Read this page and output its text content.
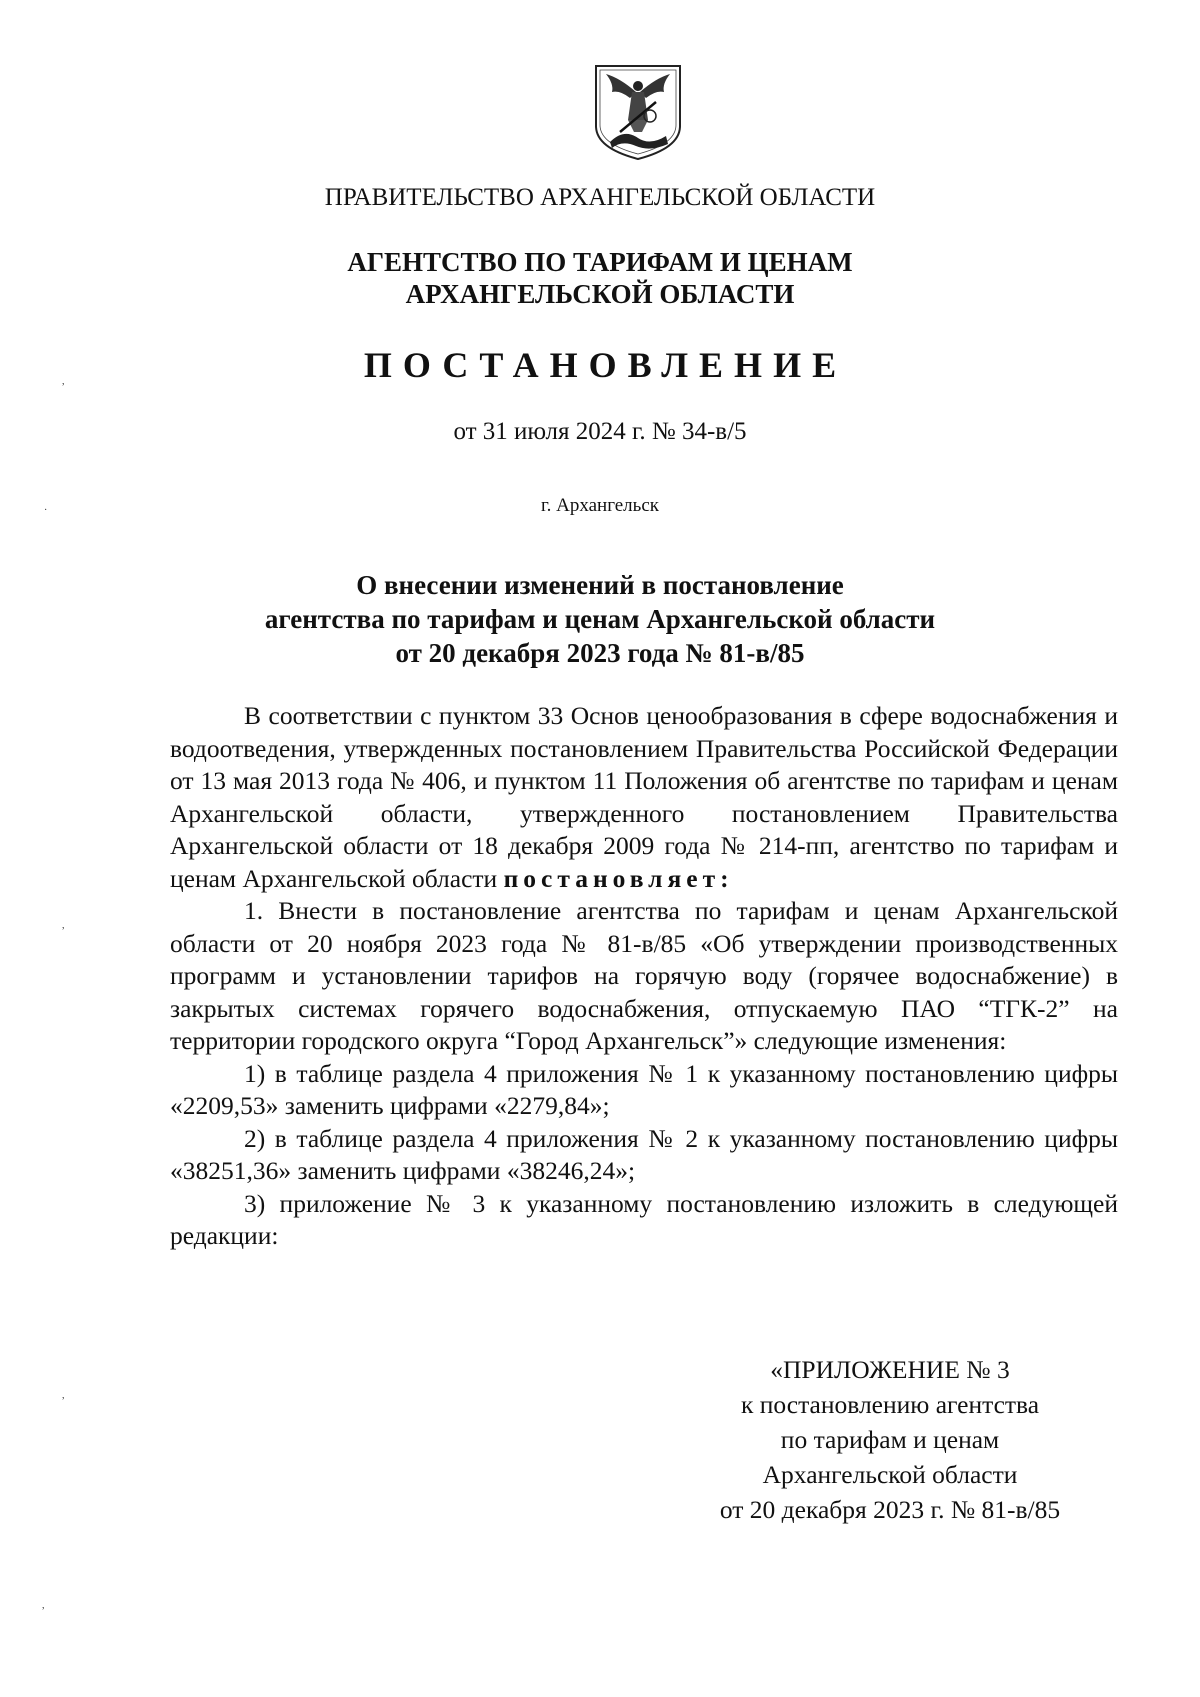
ПРАВИТЕЛЬСТВО АРХАНГЕЛЬСКОЙ ОБЛАСТИ
АГЕНТСТВО ПО ТАРИФАМ И ЦЕНАМ
АРХАНГЕЛЬСКОЙ ОБЛАСТИ
ПОСТАНОВЛЕНИЕ
от 31 июля 2024 г. № 34-в/5
г. Архангельск
О внесении изменений в постановление
агентства по тарифам и ценам Архангельской области
от 20 декабря 2023 года № 81-в/85

В соответствии с пунктом 33 Основ ценообразования в сфере водоснабжения и водоотведения, утвержденных постановлением Правительства Российской Федерации от 13 мая 2013 года № 406, и пунктом 11 Положения об агентстве по тарифам и ценам Архангельской области, утвержденного постановлением Правительства Архангельской области от 18 декабря 2009 года № 214-пп, агентство по тарифам и ценам Архангельской области постановляет:

1. Внести в постановление агентства по тарифам и ценам Архангельской области от 20 ноября 2023 года № 81-в/85 «Об утверждении производственных программ и установлении тарифов на горячую воду (горячее водоснабжение) в закрытых системах горячего водоснабжения, отпускаемую ПАО “ТГК-2” на территории городского округа “Город Архангельск”» следующие изменения:

1) в таблице раздела 4 приложения № 1 к указанному постановлению цифры «2209,53» заменить цифрами «2279,84»;

2) в таблице раздела 4 приложения № 2 к указанному постановлению цифры «38251,36» заменить цифрами «38246,24»;

3) приложение № 3 к указанному постановлению изложить в следующей редакции:

«ПРИЛОЖЕНИЕ № 3
к постановлению агентства
по тарифам и ценам
Архангельской области
от 20 декабря 2023 г. № 81-в/85
,
·
,
,
,
